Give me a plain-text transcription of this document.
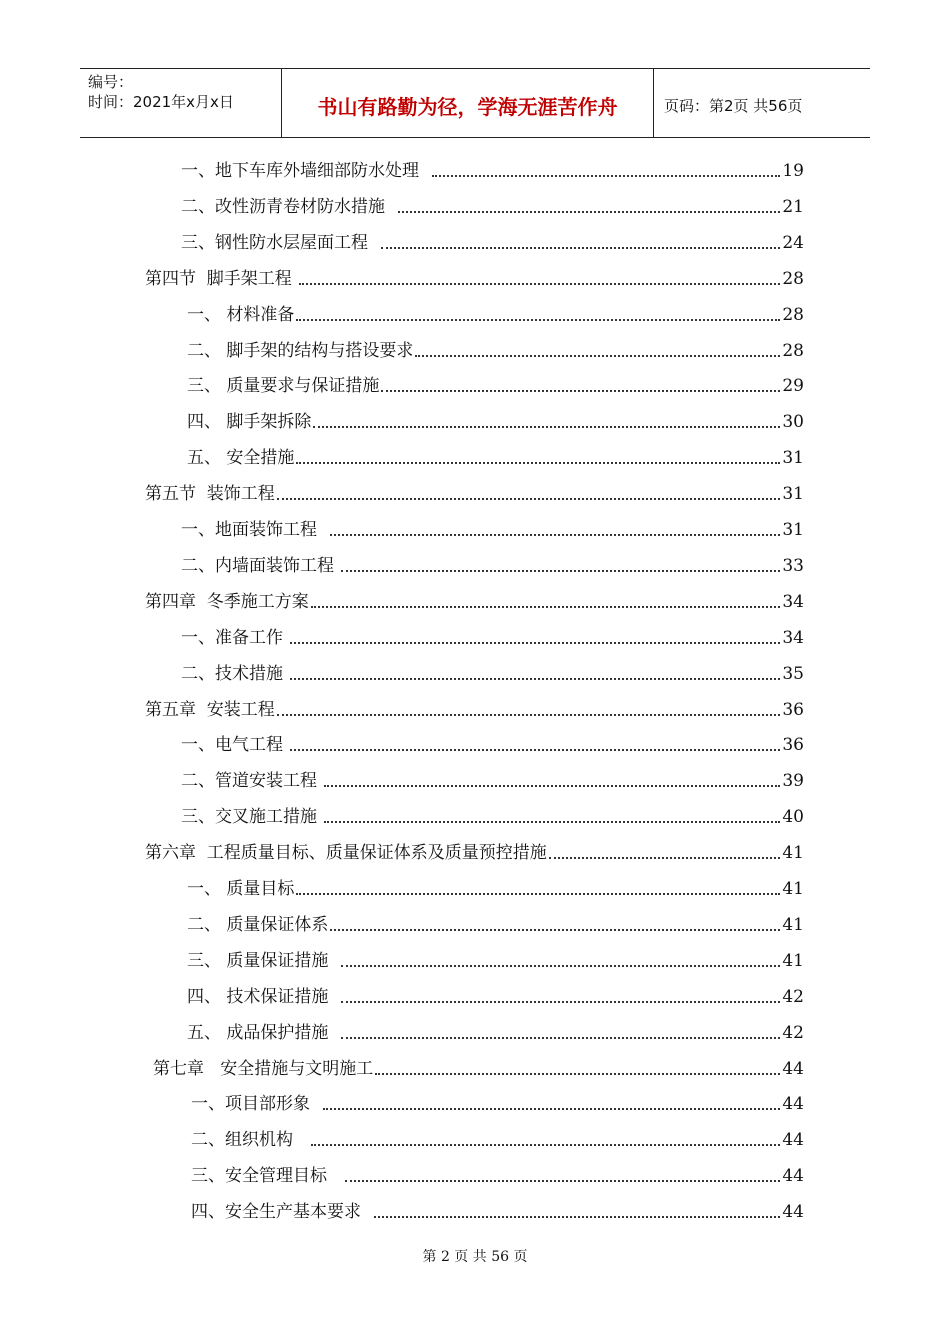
编号：
时间：2021年x月x日	书山有路勤为径，学海无涯苦作舟	页码：第2页 共56页
一、地下车库外墙细部防水处理	19
二、改性沥青卷材防水措施	21
三、钢性防水层屋面工程	24
第四节  脚手架工程	28
一、 材料准备	28
二、 脚手架的结构与搭设要求	28
三、 质量要求与保证措施	29
四、 脚手架拆除	30
五、 安全措施	31
第五节  装饰工程	31
一、地面装饰工程	31
二、内墙面装饰工程	33
第四章  冬季施工方案	34
一、准备工作	34
二、技术措施	35
第五章  安装工程	36
一、电气工程	36
二、管道安装工程	39
三、交叉施工措施	40
第六章  工程质量目标、质量保证体系及质量预控措施	41
一、 质量目标	41
二、 质量保证体系	41
三、 质量保证措施	41
四、 技术保证措施	42
五、 成品保护措施	42
第七章   安全措施与文明施工	44
一、项目部形象	44
二、组织机构	44
三、安全管理目标	44
四、安全生产基本要求	44
第 2 页 共 56 页
